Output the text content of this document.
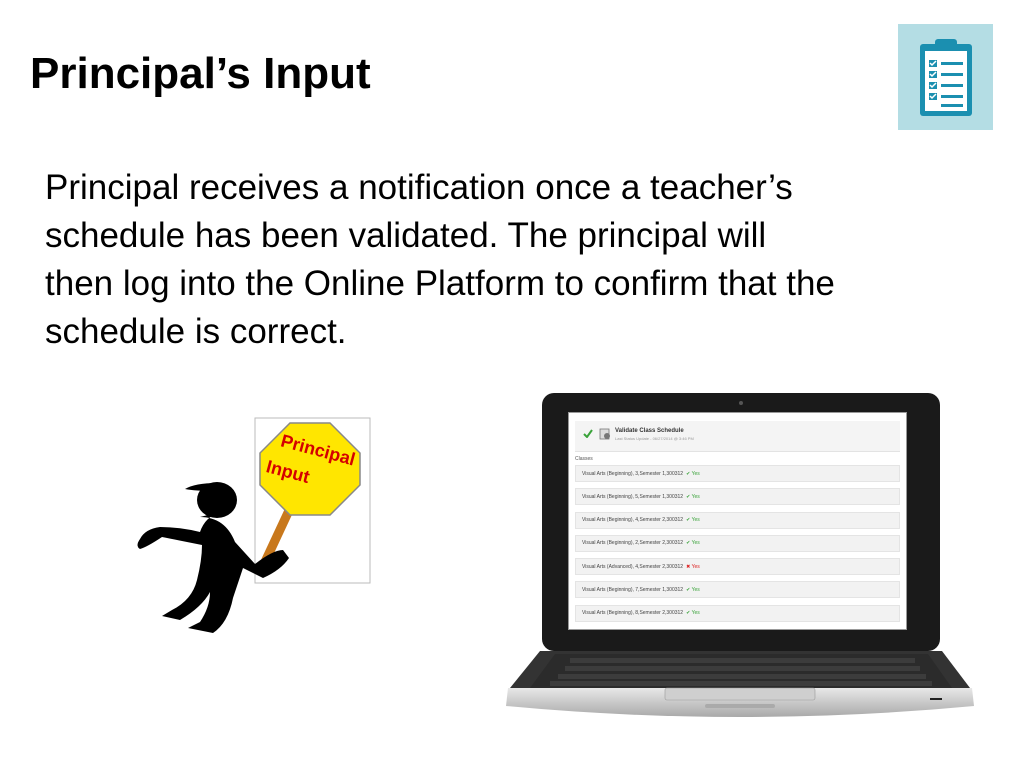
Principal’s Input
Principal receives a notification once a teacher’s
schedule has been validated. The principal will
then log into the Online Platform to confirm that the
schedule is correct.
Principal
Input
Validate Class Schedule
Last Status Update - 06/27/2014 @ 3:46 PM
Classes
Visual Arts (Beginning), 3,Semester 1,300312 ✔ Yes
Visual Arts (Beginning), 5,Semester 1,300312 ✔ Yes
Visual Arts (Beginning), 4,Semester 2,300312 ✔ Yes
Visual Arts (Beginning), 2,Semester 2,300312 ✔ Yes
Visual Arts (Advanced), 4,Semester 2,300312 ✖ Yes
Visual Arts (Beginning), 7,Semester 1,300312 ✔ Yes
Visual Arts (Beginning), 8,Semester 2,300312 ✔ Yes
